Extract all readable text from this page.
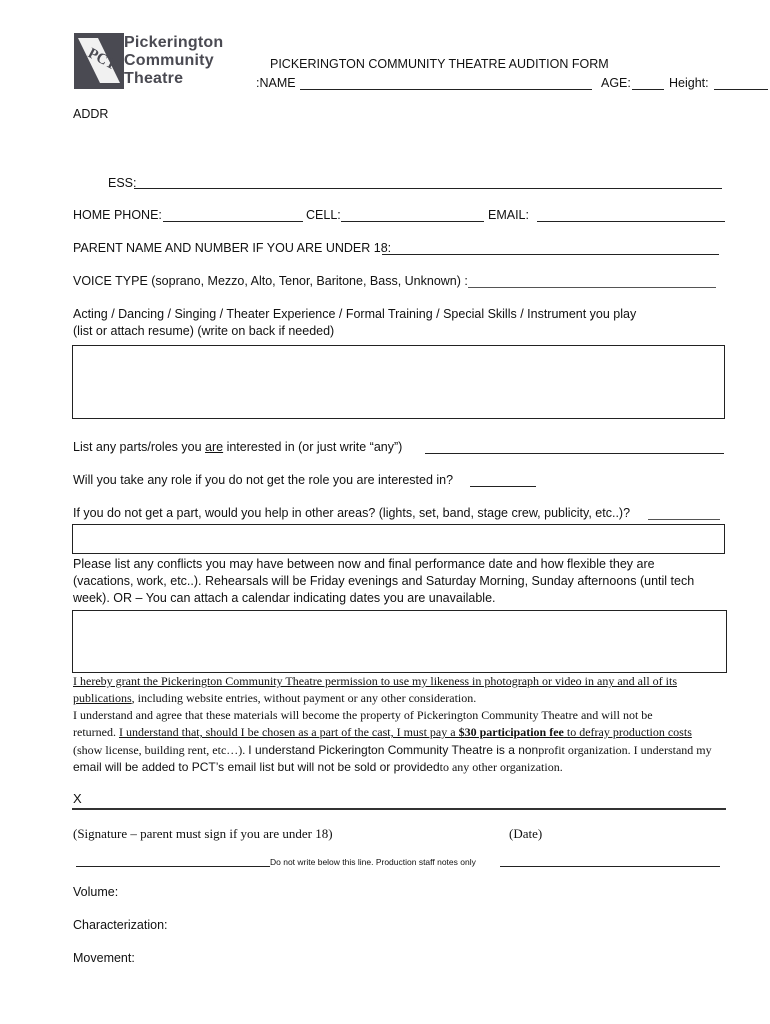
PCT
Pickerington
Community
Theatre
PICKERINGTON COMMUNITY THEATRE AUDITION FORM
NAME:	AGE:	Height:
ADDR
ESS:
HOME PHONE:	CELL:	EMAIL:
PARENT NAME AND NUMBER IF YOU ARE UNDER 18:
VOICE TYPE (soprano, Mezzo, Alto, Tenor, Baritone, Bass, Unknown) :
Acting / Dancing / Singing / Theater Experience / Formal Training / Special Skills / Instrument you play
(list or attach resume) (write on back if needed)
List any parts/roles you are interested in (or just write “any”)
Will you take any role if you do not get the role you are interested in?
If you do not get a part, would you help in other areas? (lights, set, band, stage crew, publicity, etc..)?
Please list any conflicts you may have between now and final performance date and how flexible they are
(vacations, work, etc..). Rehearsals will be Friday evenings and Saturday Morning, Sunday afternoons (until tech
week). OR – You can attach a calendar indicating dates you are unavailable.
I hereby grant the Pickerington Community Theatre permission to use my likeness in photograph or video in any and all of its
publications, including website entries, without payment or any other consideration.
I understand and agree that these materials will become the property of Pickerington Community Theatre and will not be
returned. I understand that, should I be chosen as a part of the cast, I must pay a $30 participation fee to defray production costs
(show license, building rent, etc…). I understand Pickerington Community Theatre is a nonprofit organization. I understand my
email will be added to PCT’s email list but will not be sold or providedto any other organization.
X
(Signature – parent must sign if you are under 18)	(Date)
Do not write below this line. Production staff notes only
Volume:
Characterization:
Movement:
